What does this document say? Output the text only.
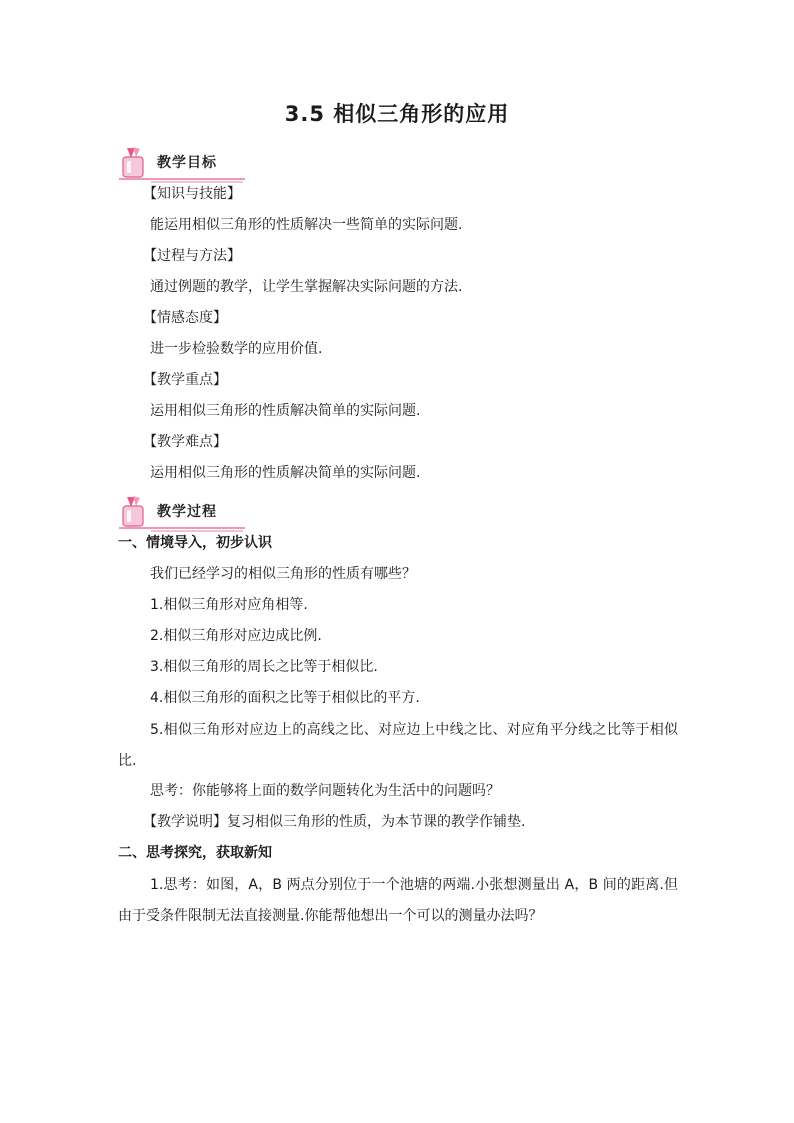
3.5 相似三角形的应用
教学目标
【知识与技能】
能运用相似三角形的性质解决一些简单的实际问题.
【过程与方法】
通过例题的教学，让学生掌握解决实际问题的方法.
【情感态度】
进一步检验数学的应用价值.
【教学重点】
运用相似三角形的性质解决简单的实际问题.
【教学难点】
运用相似三角形的性质解决简单的实际问题.
教学过程
一、情境导入，初步认识
我们已经学习的相似三角形的性质有哪些？
1.相似三角形对应角相等.
2.相似三角形对应边成比例.
3.相似三角形的周长之比等于相似比.
4.相似三角形的面积之比等于相似比的平方.
5.相似三角形对应边上的高线之比、对应边上中线之比、对应角平分线之比等于相似比.
思考：你能够将上面的数学问题转化为生活中的问题吗？
【教学说明】复习相似三角形的性质，为本节课的教学作铺垫.
二、思考探究，获取新知
1.思考：如图，A，B 两点分别位于一个池塘的两端.小张想测量出 A，B 间的距离.但由于受条件限制无法直接测量.你能帮他想出一个可以的测量办法吗？
